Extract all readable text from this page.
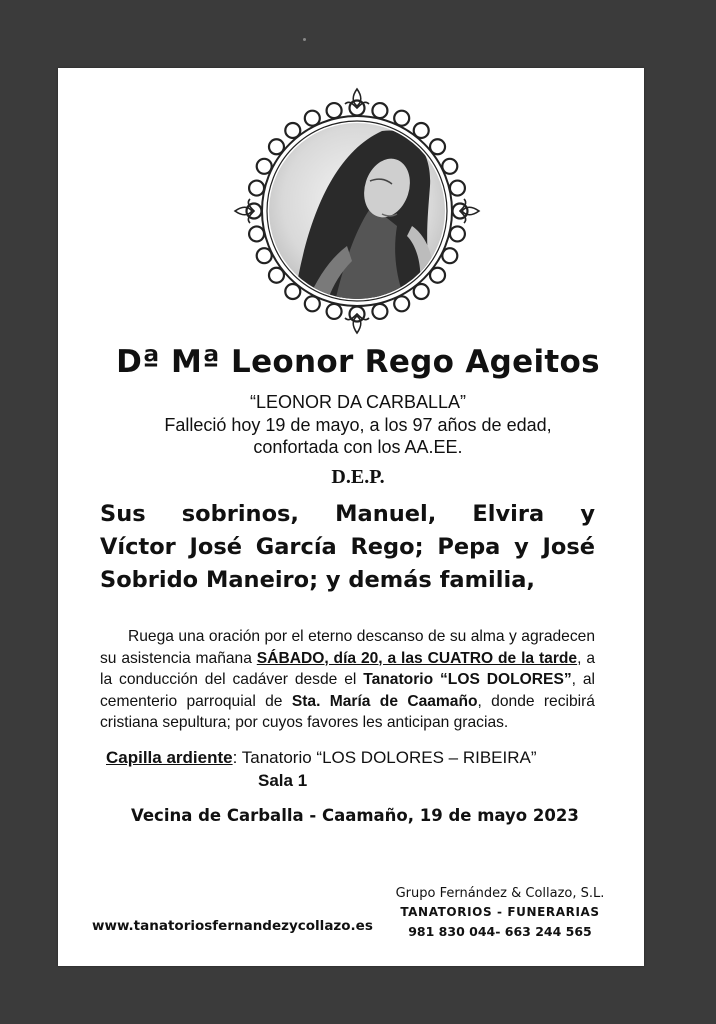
Dª Mª Leonor Rego Ageitos
“LEONOR DA CARBALLA”
Falleció hoy 19 de mayo, a los 97 años de edad,
confortada con los AA.EE.
D.E.P.
Sus sobrinos, Manuel, Elvira y
Víctor José García Rego; Pepa y José
Sobrido Maneiro; y demás familia,
Ruega una oración por el eterno descanso de su alma y agradecen
su asistencia mañana SÁBADO, día 20, a las CUATRO de la tarde, a
la conducción del cadáver desde el Tanatorio “LOS DOLORES”, al
cementerio parroquial de Sta. María de Caamaño, donde recibirá
cristiana sepultura; por cuyos favores les anticipan gracias.
Capilla ardiente: Tanatorio “LOS DOLORES – RIBEIRA”
Sala 1
Vecina de Carballa - Caamaño, 19 de mayo 2023
Grupo Fernández & Collazo, S.L.
TANATORIOS - FUNERARIAS
981 830 044- 663 244 565
www.tanatoriosfernandezycollazo.es
